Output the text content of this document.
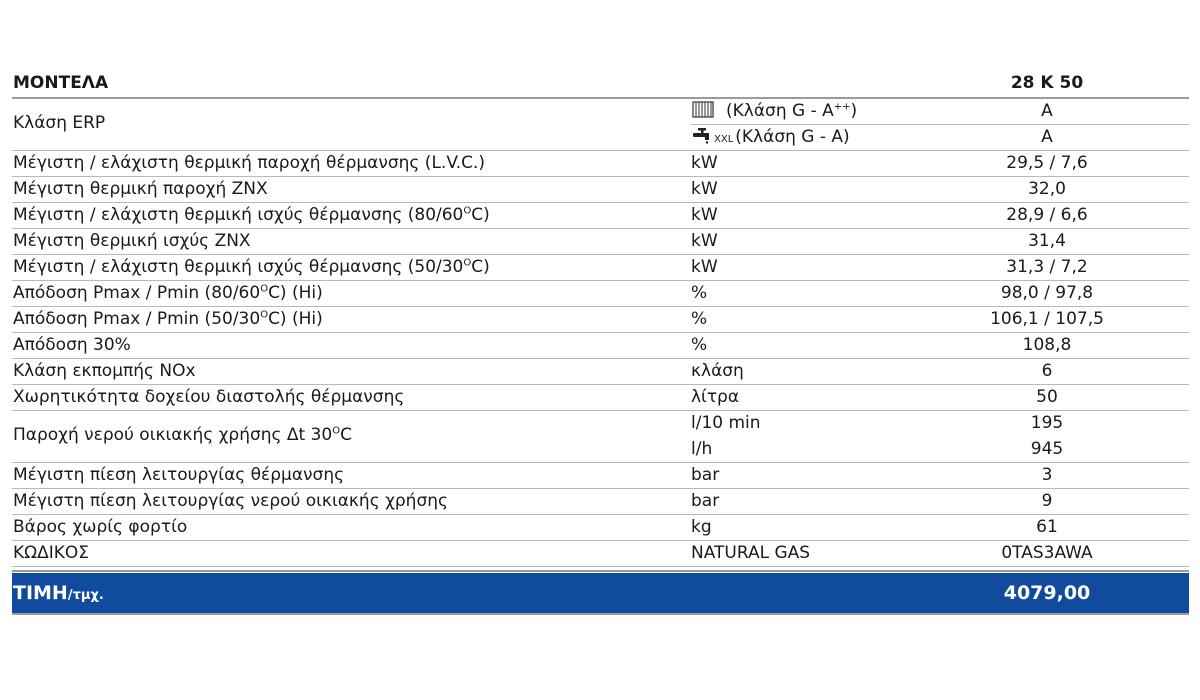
ΜΟΝΤΕΛΑ	28 K 50
Κλάση ERP
(Κλάση G - A++)	A
XXL (Κλάση G - A)	A
Μέγιστη / ελάχιστη θερμική παροχή θέρμανσης (L.V.C.)	kW	29,5 / 7,6
Μέγιστη θερμική παροχή ZNX	kW	32,0
Μέγιστη / ελάχιστη θερμική ισχύς θέρμανσης $(80/60^OC)$	kW	28,9 / 6,6
Μέγιστη θερμική ισχύς ZNX	kW	31,4
Μέγιστη / ελάχιστη θερμική ισχύς θέρμανσης $(50/30^OC)$	kW	31,3 / 7,2
Απόδοση Pmax / Pmin $(80/60^OC)$ (Hi)	%	98,0 / 97,8
Απόδοση Pmax / Pmin $(50/30^OC)$ (Hi)	%	106,1 / 107,5
Απόδοση 30%	%	108,8
Κλάση εκπομπής NOx	κλάση	6
Χωρητικότητα δοχείου διαστολής θέρμανσης	λίτρα	50
Παροχή νερού οικιακής χρήσης Δt $30^OC$
l/10 min	195
l/h	945
Μέγιστη πίεση λειτουργίας θέρμανσης	bar	3
Μέγιστη πίεση λειτουργίας νερού οικιακής χρήσης	bar	9
Βάρος χωρίς φορτίο	kg	61
ΚΩΔΙΚΟΣ	NATURAL GAS	0TAS3AWA
ΤΙΜΗ/τμχ.	4079,00
